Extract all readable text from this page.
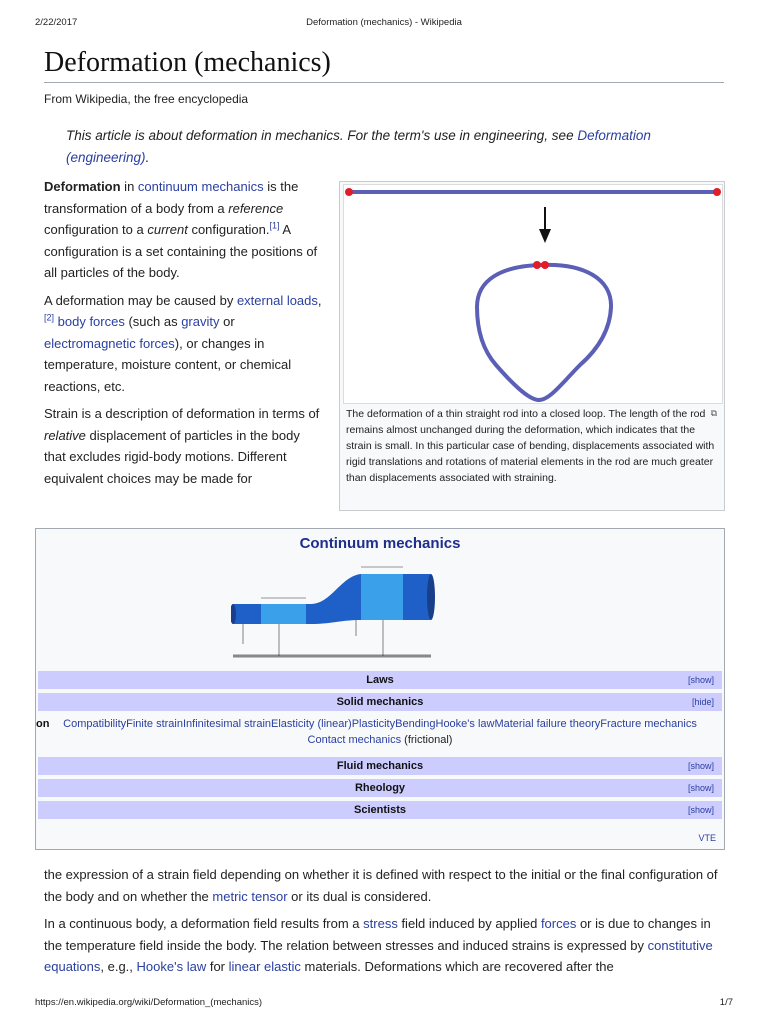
2/22/2017	Deformation (mechanics) - Wikipedia
Deformation (mechanics)
From Wikipedia, the free encyclopedia
This article is about deformation in mechanics. For the term's use in engineering, see Deformation (engineering).

Deformation in continuum mechanics is the transformation of a body from a reference configuration to a current configuration.[1] A configuration is a set containing the positions of all particles of the body.

A deformation may be caused by external loads,[2] body forces (such as gravity or electromagnetic forces), or changes in temperature, moisture content, or chemical reactions, etc.

Strain is a description of deformation in terms of relative displacement of particles in the body that excludes rigid-body motions. Different equivalent choices may be made for

⧉
The deformation of a thin straight rod into a closed loop. The length of the rod remains almost unchanged during the deformation, which indicates that the strain is small. In this particular case of bending, displacements associated with rigid translations and rotations of material elements in the rod are much greater than displacements associated with straining.
Continuum mechanics
Laws	[show]
Solid mechanics	[hide]
on	CompatibilityFinite strainInfinitesimal strainElasticity (linear)PlasticityBendingHooke's lawMaterial failure theoryFracture mechanics
Contact mechanics (frictional)
Fluid mechanics	[show]
Rheology	[show]
Scientists	[show]
VTE

the expression of a strain field depending on whether it is defined with respect to the initial or the final configuration of the body and on whether the metric tensor or its dual is considered.

In a continuous body, a deformation field results from a stress field induced by applied forces or is due to changes in the temperature field inside the body. The relation between stresses and induced strains is expressed by constitutive equations, e.g., Hooke's law for linear elastic materials. Deformations which are recovered after the

https://en.wikipedia.org/wiki/Deformation_(mechanics)	1/7
